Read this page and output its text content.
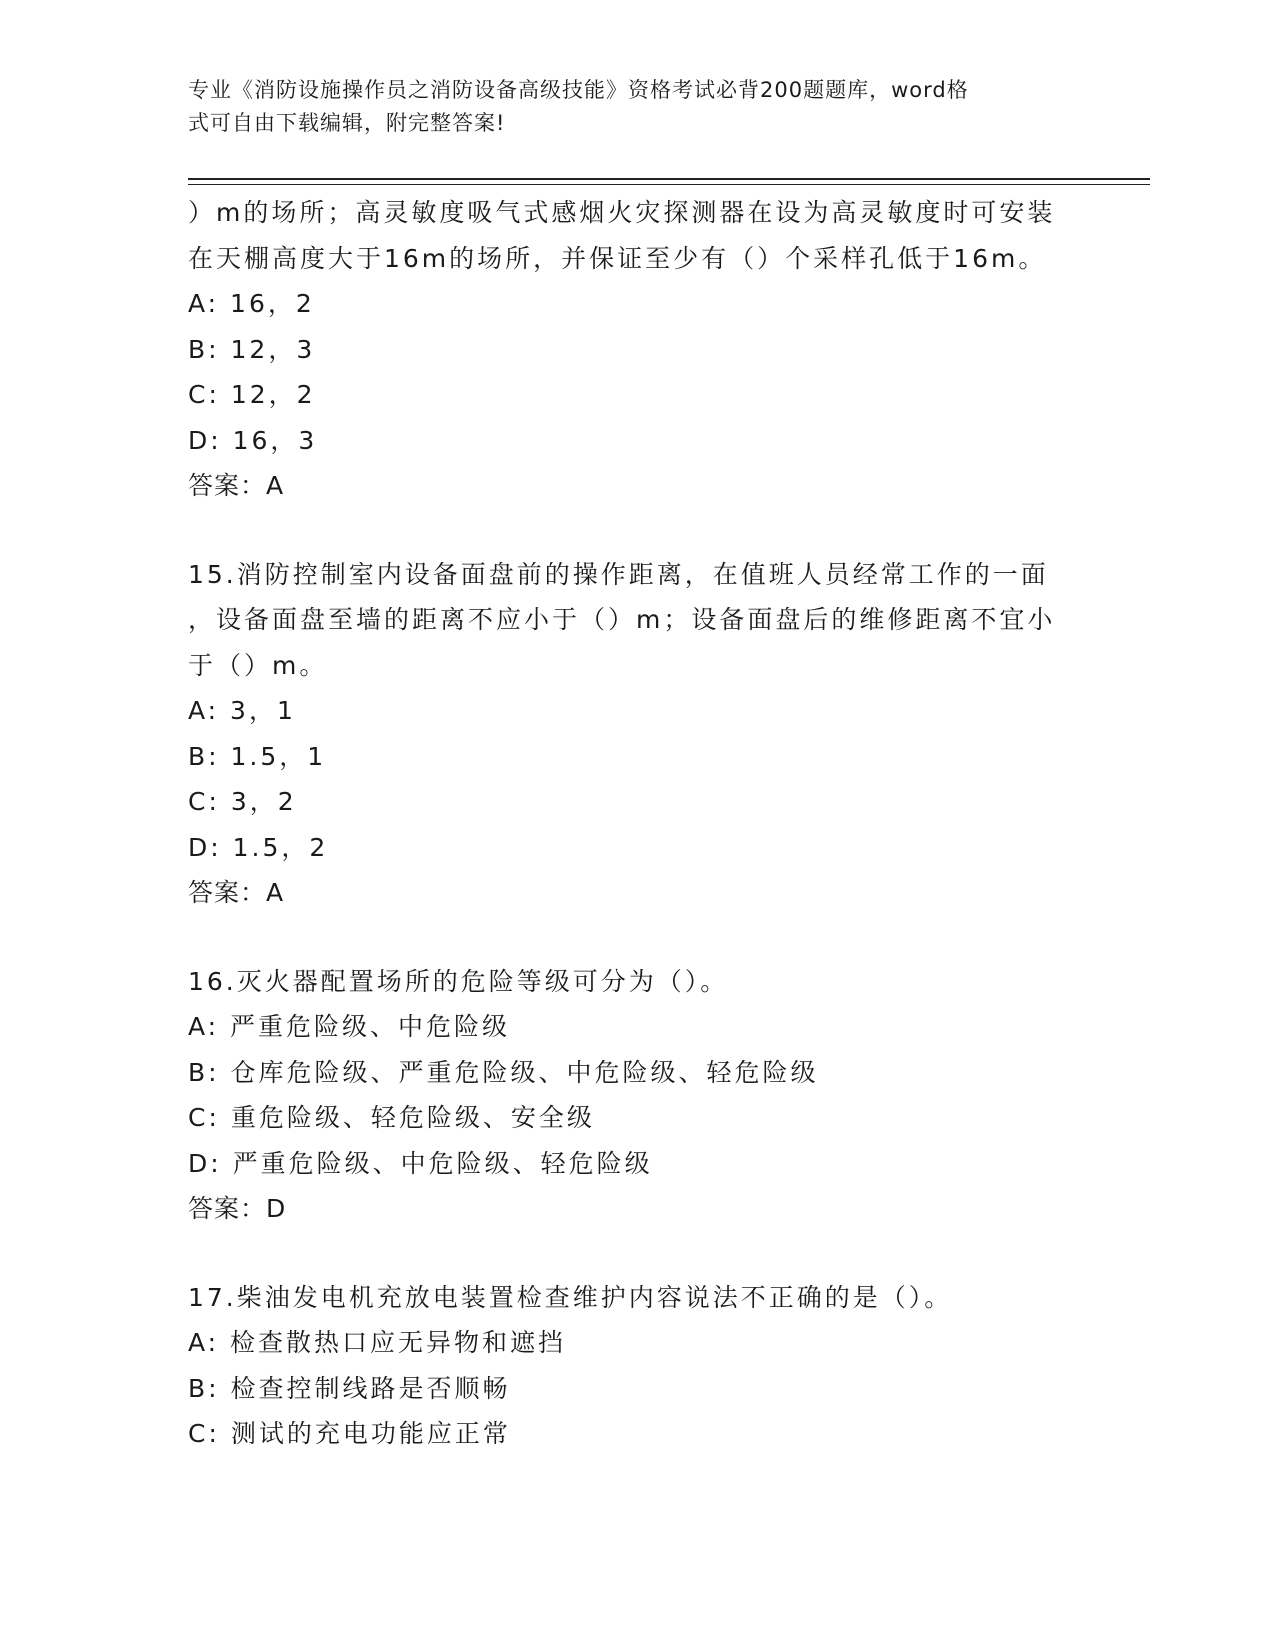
专业《消防设施操作员之消防设备高级技能》资格考试必背200题题库，word格
式可自由下载编辑，附完整答案!
）m的场所；高灵敏度吸气式感烟火灾探测器在设为高灵敏度时可安装
在天棚高度大于16m的场所，并保证至少有（）个采样孔低于16m。
A: 16，2
B: 12，3
C: 12，2
D: 16，3
答案：A
15.消防控制室内设备面盘前的操作距离，在值班人员经常工作的一面
，设备面盘至墙的距离不应小于（）m；设备面盘后的维修距离不宜小
于（）m。
A: 3，1
B: 1.5，1
C: 3，2
D: 1.5，2
答案：A
16.灭火器配置场所的危险等级可分为（）。
A: 严重危险级、中危险级
B: 仓库危险级、严重危险级、中危险级、轻危险级
C: 重危险级、轻危险级、安全级
D: 严重危险级、中危险级、轻危险级
答案：D
17.柴油发电机充放电装置检查维护内容说法不正确的是（）。
A: 检查散热口应无异物和遮挡
B: 检查控制线路是否顺畅
C: 测试的充电功能应正常
